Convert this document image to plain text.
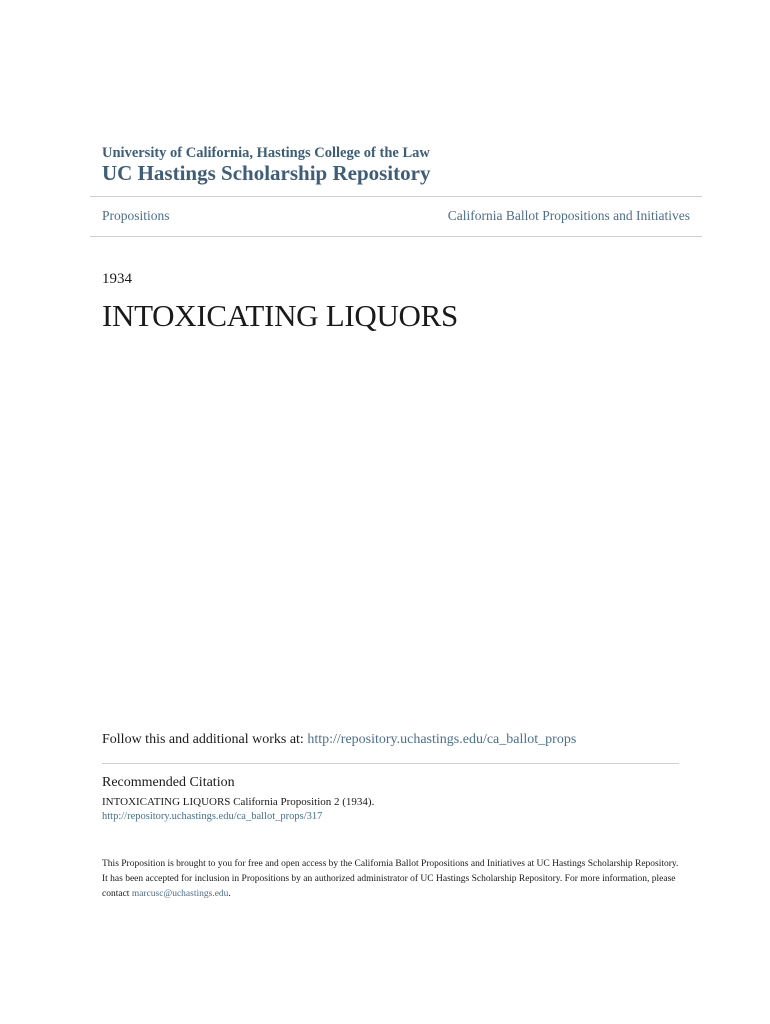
University of California, Hastings College of the Law
UC Hastings Scholarship Repository
Propositions	California Ballot Propositions and Initiatives
1934
INTOXICATING LIQUORS
Follow this and additional works at: http://repository.uchastings.edu/ca_ballot_props
Recommended Citation
INTOXICATING LIQUORS California Proposition 2 (1934).
http://repository.uchastings.edu/ca_ballot_props/317
This Proposition is brought to you for free and open access by the California Ballot Propositions and Initiatives at UC Hastings Scholarship Repository.
It has been accepted for inclusion in Propositions by an authorized administrator of UC Hastings Scholarship Repository. For more information, please
contact marcusc@uchastings.edu.
